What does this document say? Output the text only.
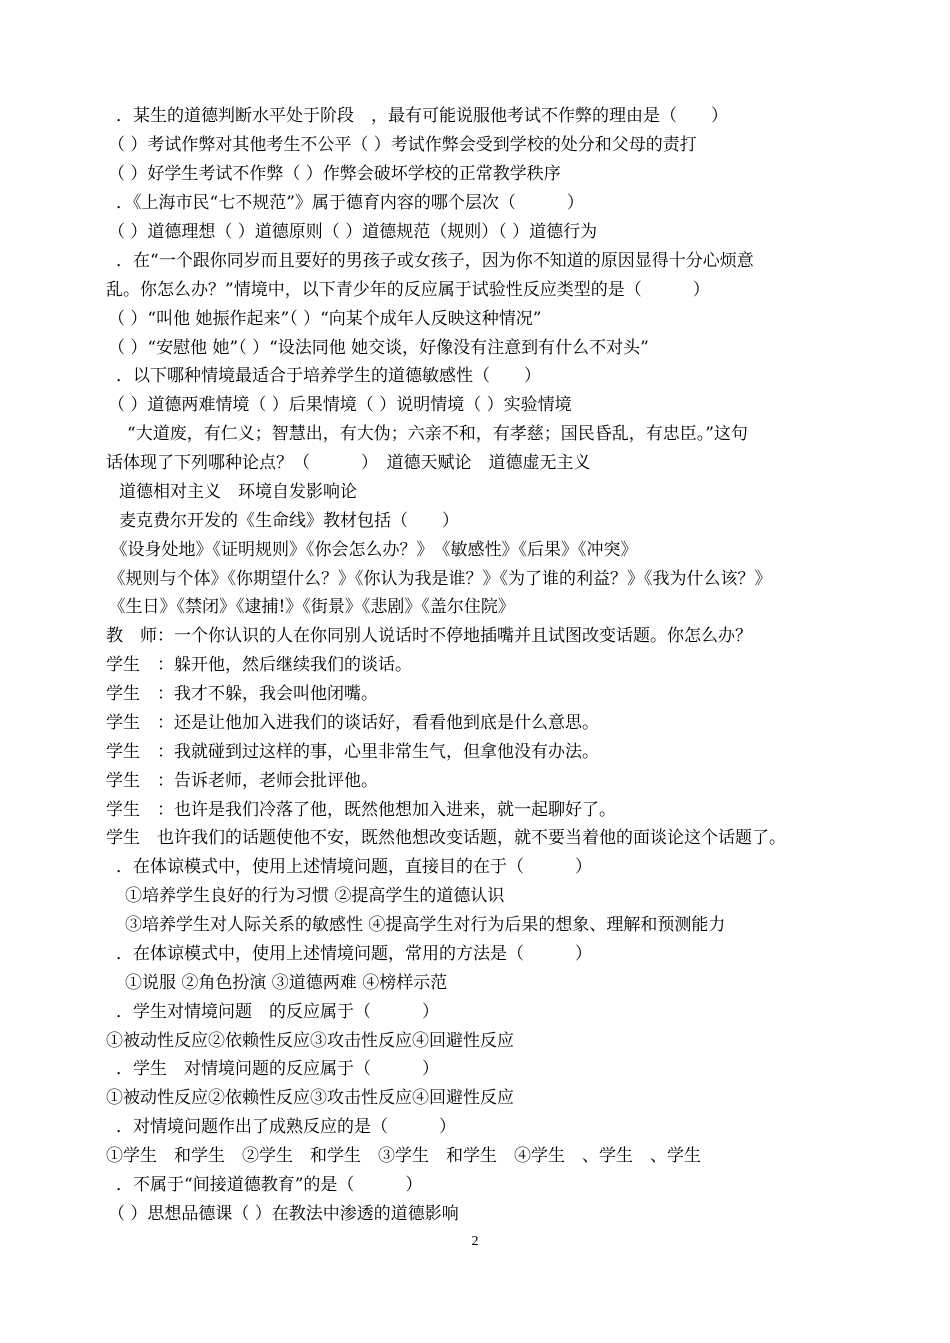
．某生的道德判断水平处于阶段　，最有可能说服他考试不作弊的理由是（　　）
（ ）考试作弊对其他考生不公平（ ）考试作弊会受到学校的处分和父母的责打
（ ）好学生考试不作弊（ ）作弊会破坏学校的正常教学秩序
．《上海市民“七不规范”》属于德育内容的哪个层次（　　　）
（ ）道德理想（ ）道德原则（ ）道德规范（规则）（ ）道德行为
．在“一个跟你同岁而且要好的男孩子或女孩子，因为你不知道的原因显得十分心烦意
乱。你怎么办？”情境中，以下青少年的反应属于试验性反应类型的是（　　　）
（ ）“叫他 她振作起来”（ ）“向某个成年人反映这种情况”
（ ）“安慰他 她”（ ）“设法同他 她交谈，好像没有注意到有什么不对头”
．以下哪种情境最适合于培养学生的道德敏感性（　　）
（ ）道德两难情境（ ）后果情境（ ）说明情境（ ）实验情境
　“大道废，有仁义；智慧出，有大伪；六亲不和，有孝慈；国民昏乱，有忠臣。”这句
话体现了下列哪种论点？（　　　）　道德天赋论　道德虚无主义
　道德相对主义　环境自发影响论
　麦克费尔开发的《生命线》教材包括（　　）
　《设身处地》《证明规则》《你会怎么办？》　《敏感性》《后果》《冲突》
　《规则与个体》《你期望什么？》《你认为我是谁？》《为了谁的利益？》《我为什么该？》
　《生日》《禁闭》《逮捕!》《街景》《悲剧》《盖尔住院》
教　师：一个你认识的人在你同别人说话时不停地插嘴并且试图改变话题。你怎么办？
学生　：躲开他，然后继续我们的谈话。
学生　：我才不躲，我会叫他闭嘴。
学生　：还是让他加入进我们的谈话好，看看他到底是什么意思。
学生　：我就碰到过这样的事，心里非常生气，但拿他没有办法。
学生　：告诉老师，老师会批评他。
学生　：也许是我们冷落了他，既然他想加入进来，就一起聊好了。
学生　也许我们的话题使他不安，既然他想改变话题，就不要当着他的面谈论这个话题了。
．在体谅模式中，使用上述情境问题，直接目的在于（　　　）
　①培养学生良好的行为习惯 ②提高学生的道德认识
　③培养学生对人际关系的敏感性 ④提高学生对行为后果的想象、理解和预测能力
．在体谅模式中，使用上述情境问题，常用的方法是（　　　）
　①说服 ②角色扮演 ③道德两难 ④榜样示范
．学生对情境问题　的反应属于（　　　）
①被动性反应②依赖性反应③攻击性反应④回避性反应
．学生　对情境问题的反应属于（　　　）
①被动性反应②依赖性反应③攻击性反应④回避性反应
．对情境问题作出了成熟反应的是（　　　）
①学生　和学生　②学生　和学生　③学生　和学生　④学生　、学生　、学生
．不属于“间接道德教育”的是（　　　）
（ ）思想品德课（ ）在教法中渗透的道德影响
2
